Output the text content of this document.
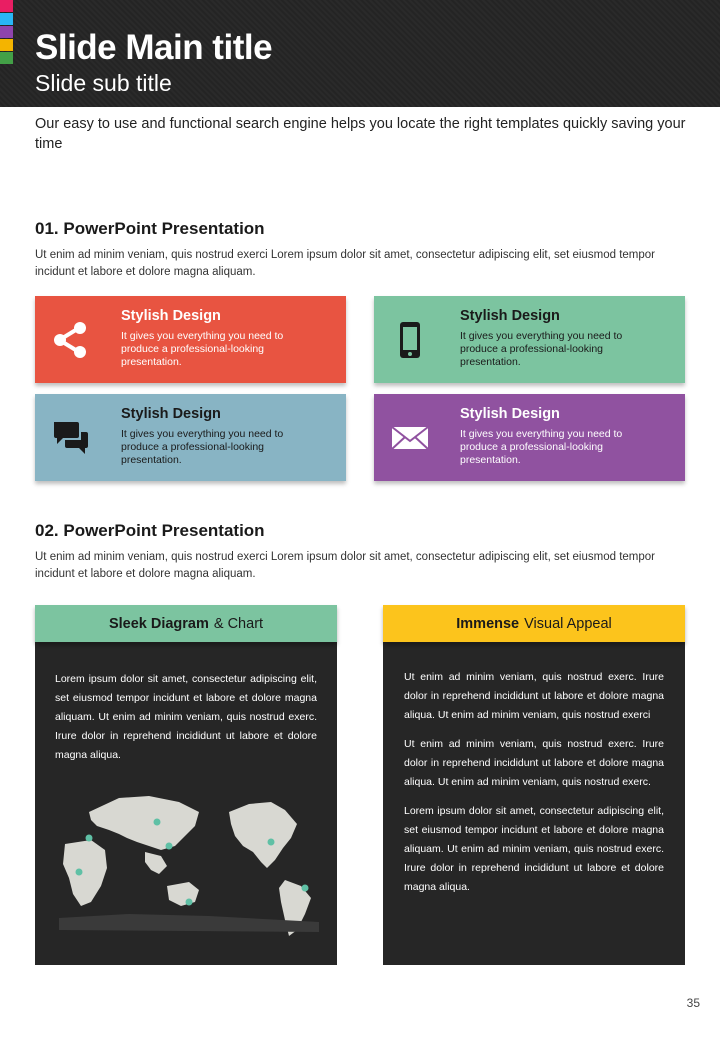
Slide Main title
Slide sub title
Our easy to use and functional search engine helps you locate the right templates quickly saving your time
01. PowerPoint Presentation
Ut enim ad minim veniam, quis nostrud exerci Lorem ipsum dolor sit amet, consectetur adipiscing elit, set eiusmod tempor incidunt et labore et dolore magna aliquam.
Stylish Design
It gives you everything you need to produce a professional-looking presentation.
Stylish Design
It gives you everything you need to produce a professional-looking presentation.
Stylish Design
It gives you everything you need to produce a professional-looking presentation.
Stylish Design
It gives you everything you need to produce a professional-looking presentation.
02. PowerPoint Presentation
Ut enim ad minim veniam, quis nostrud exerci Lorem ipsum dolor sit amet, consectetur adipiscing elit, set eiusmod tempor incidunt et labore et dolore magna aliquam.
Sleek Diagram & Chart

Lorem ipsum dolor sit amet, consectetur adipiscing elit, set eiusmod tempor incidunt et labore et dolore magna aliquam. Ut enim ad minim veniam, quis nostrud exerc. Irure dolor in reprehend incididunt ut labore et dolore magna aliqua.

Immense Visual Appeal

Ut enim ad minim veniam, quis nostrud exerc. Irure dolor in reprehend incididunt ut labore et dolore magna aliqua. Ut enim ad minim veniam, quis nostrud exerci

Ut enim ad minim veniam, quis nostrud exerc. Irure dolor in reprehend incididunt ut labore et dolore magna aliqua. Ut enim ad minim veniam, quis nostrud exerc.

Lorem ipsum dolor sit amet, consectetur adipiscing elit, set eiusmod tempor incidunt et labore et dolore magna aliquam. Ut enim ad minim veniam, quis nostrud exerc. Irure dolor in reprehend incididunt ut labore et dolore magna aliqua.

35
